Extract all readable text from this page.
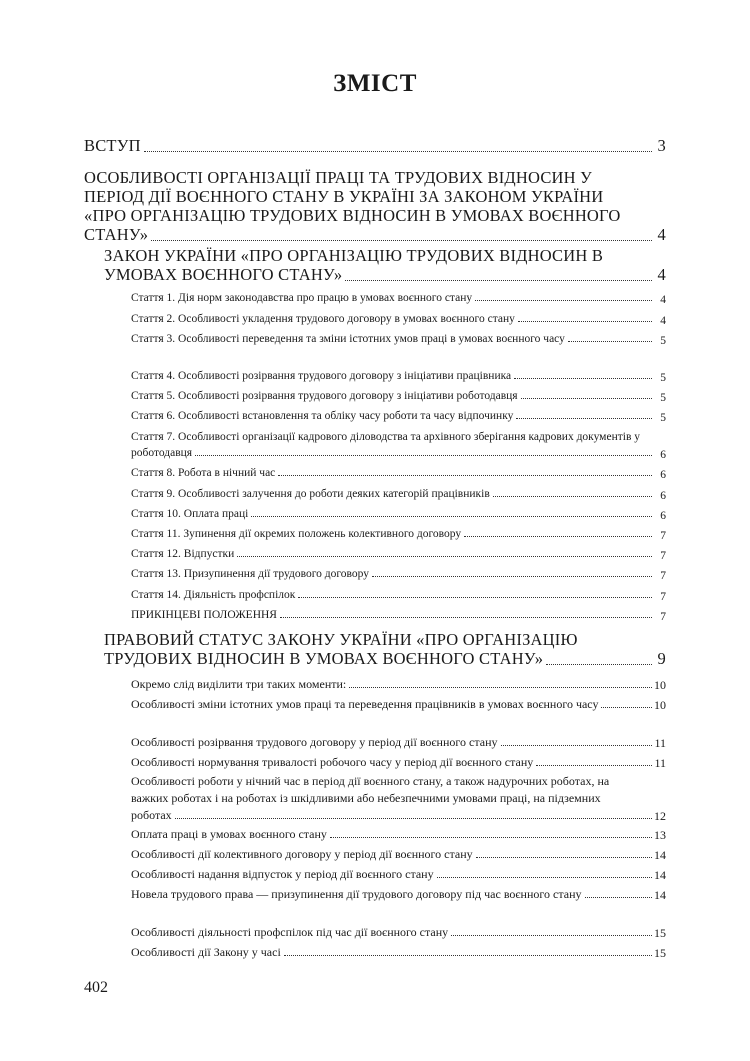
ЗМІСТ
ВСТУП	3
ОСОБЛИВОСТІ ОРГАНІЗАЦІЇ ПРАЦІ ТА ТРУДОВИХ ВІДНОСИН У ПЕРІОД ДІЇ ВОЄННОГО СТАНУ В УКРАЇНІ ЗА ЗАКОНОМ УКРАЇНИ «ПРО ОРГАНІЗАЦІЮ ТРУДОВИХ ВІДНОСИН В УМОВАХ ВОЄННОГО СТАНУ»	4
ЗАКОН УКРАЇНИ «ПРО ОРГАНІЗАЦІЮ ТРУДОВИХ ВІДНОСИН В УМОВАХ ВОЄННОГО СТАНУ»	4
Стаття 1. Дія норм законодавства про працю в умовах воєнного стану	4
Стаття 2. Особливості укладення трудового договору в умовах воєнного стану	4
Стаття 3. Особливості переведення та зміни істотних умов праці в умовах воєнного часу	5
Стаття 4. Особливості розірвання трудового договору з ініціативи працівника	5
Стаття 5. Особливості розірвання трудового договору з ініціативи роботодавця	5
Стаття 6. Особливості встановлення та обліку часу роботи та часу відпочинку	5
Стаття 7. Особливості організації кадрового діловодства та архівного зберігання кадрових документів у роботодавця	6
Стаття 8. Робота в нічний час	6
Стаття 9. Особливості залучення до роботи деяких категорій працівників	6
Стаття 10. Оплата праці	6
Стаття 11. Зупинення дії окремих положень колективного договору	7
Стаття 12. Відпустки	7
Стаття 13. Призупинення дії трудового договору	7
Стаття 14. Діяльність профспілок	7
ПРИКІНЦЕВІ ПОЛОЖЕННЯ	7
ПРАВОВИЙ СТАТУС ЗАКОНУ УКРАЇНИ «ПРО ОРГАНІЗАЦІЮ ТРУДОВИХ ВІДНОСИН В УМОВАХ ВОЄННОГО СТАНУ»	9
Окремо слід виділити три таких моменти:	10
Особливості зміни істотних умов праці та переведення працівників в умовах воєнного часу	10
Особливості розірвання трудового договору у період дії воєнного стану	11
Особливості нормування тривалості робочого часу у період дії воєнного стану	11
Особливості роботи у нічний час в період дії воєнного стану, а також надурочних роботах, на важких роботах і на роботах із шкідливими або небезпечними умовами праці, на підземних роботах	12
Оплата праці в умовах воєнного стану	13
Особливості дії колективного договору у період дії воєнного стану	14
Особливості надання відпусток у період дії воєнного стану	14
Новела трудового права — призупинення дії трудового договору під час воєнного стану	14
Особливості діяльності профспілок під час дії воєнного стану	15
Особливості дії Закону у часі	15
402
